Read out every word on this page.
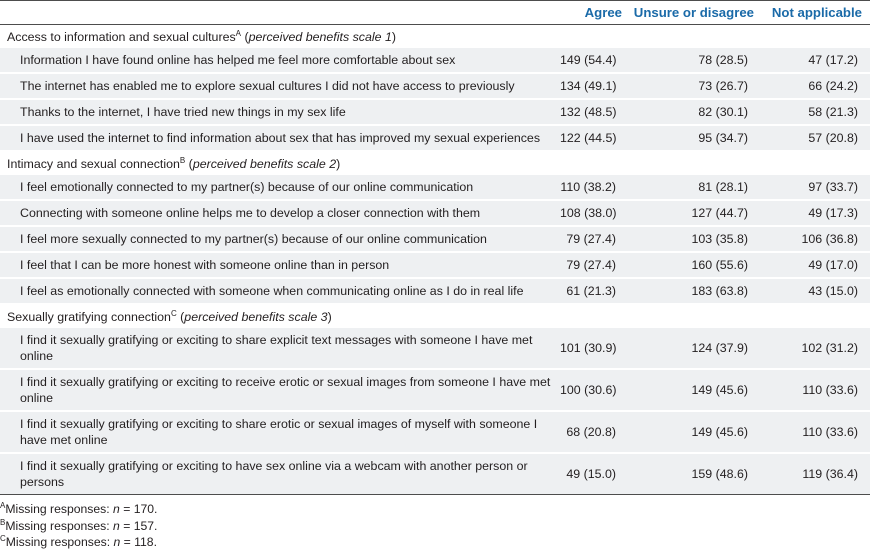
	Agree	Unsure or disagree	Not applicable
Access to information and sexual cultures$^A$ (perceived benefits scale 1)			
Information I have found online has helped me feel more comfortable about sex	149 (54.4)	78 (28.5)	47 (17.2)
The internet has enabled me to explore sexual cultures I did not have access to previously	134 (49.1)	73 (26.7)	66 (24.2)
Thanks to the internet, I have tried new things in my sex life	132 (48.5)	82 (30.1)	58 (21.3)
I have used the internet to find information about sex that has improved my sexual experiences	122 (44.5)	95 (34.7)	57 (20.8)
Intimacy and sexual connection$^B$ (perceived benefits scale 2)			
I feel emotionally connected to my partner(s) because of our online communication	110 (38.2)	81 (28.1)	97 (33.7)
Connecting with someone online helps me to develop a closer connection with them	108 (38.0)	127 (44.7)	49 (17.3)
I feel more sexually connected to my partner(s) because of our online communication	79 (27.4)	103 (35.8)	106 (36.8)
I feel that I can be more honest with someone online than in person	79 (27.4)	160 (55.6)	49 (17.0)
I feel as emotionally connected with someone when communicating online as I do in real life	61 (21.3)	183 (63.8)	43 (15.0)
Sexually gratifying connection$^C$ (perceived benefits scale 3)			
I find it sexually gratifying or exciting to share explicit text messages with someone I have met online	101 (30.9)	124 (37.9)	102 (31.2)
I find it sexually gratifying or exciting to receive erotic or sexual images from someone I have met online	100 (30.6)	149 (45.6)	110 (33.6)
I find it sexually gratifying or exciting to share erotic or sexual images of myself with someone I have met online	68 (20.8)	149 (45.6)	110 (33.6)
I find it sexually gratifying or exciting to have sex online via a webcam with another person or persons	49 (15.0)	159 (48.6)	119 (36.4)
$^A$Missing responses: n = 170.
$^B$Missing responses: n = 157.
$^C$Missing responses: n = 118.
